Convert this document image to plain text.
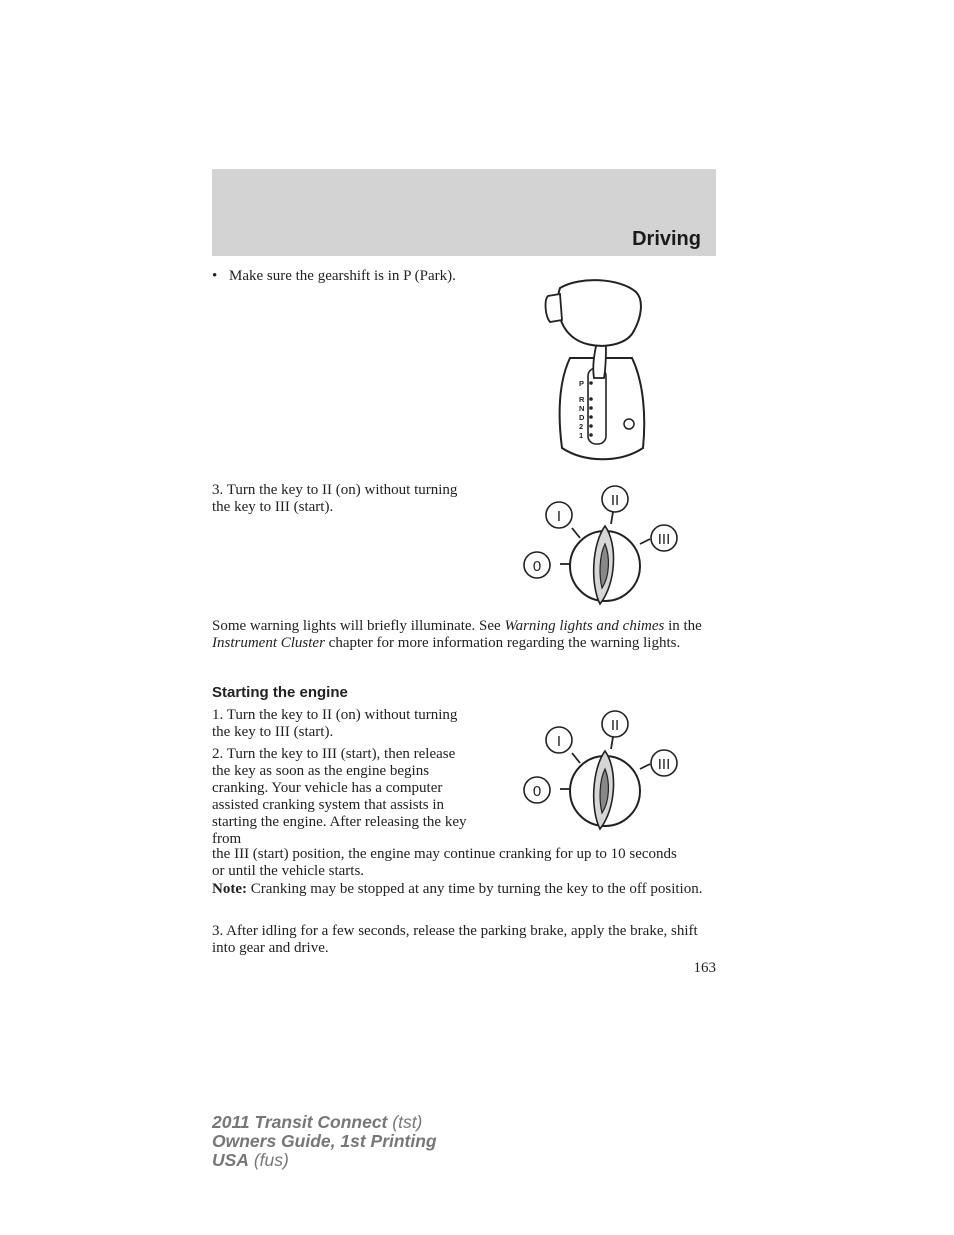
Driving
• Make sure the gearshift is in P (Park).
P
R
N
D
2
1
3. Turn the key to II (on) without turning the key to III (start).
0
I
II
III
Some warning lights will briefly illuminate. See Warning lights and chimes in the Instrument Cluster chapter for more information regarding the warning lights.
Starting the engine
1. Turn the key to II (on) without turning the key to III (start).
2. Turn the key to III (start), then release the key as soon as the engine begins cranking. Your vehicle has a computer assisted cranking system that assists in starting the engine. After releasing the key from
0
I
II
III
the III (start) position, the engine may continue cranking for up to 10 seconds or until the vehicle starts.
Note: Cranking may be stopped at any time by turning the key to the off position.
3. After idling for a few seconds, release the parking brake, apply the brake, shift into gear and drive.
163
2011 Transit Connect (tst)
Owners Guide, 1st Printing
USA (fus)
